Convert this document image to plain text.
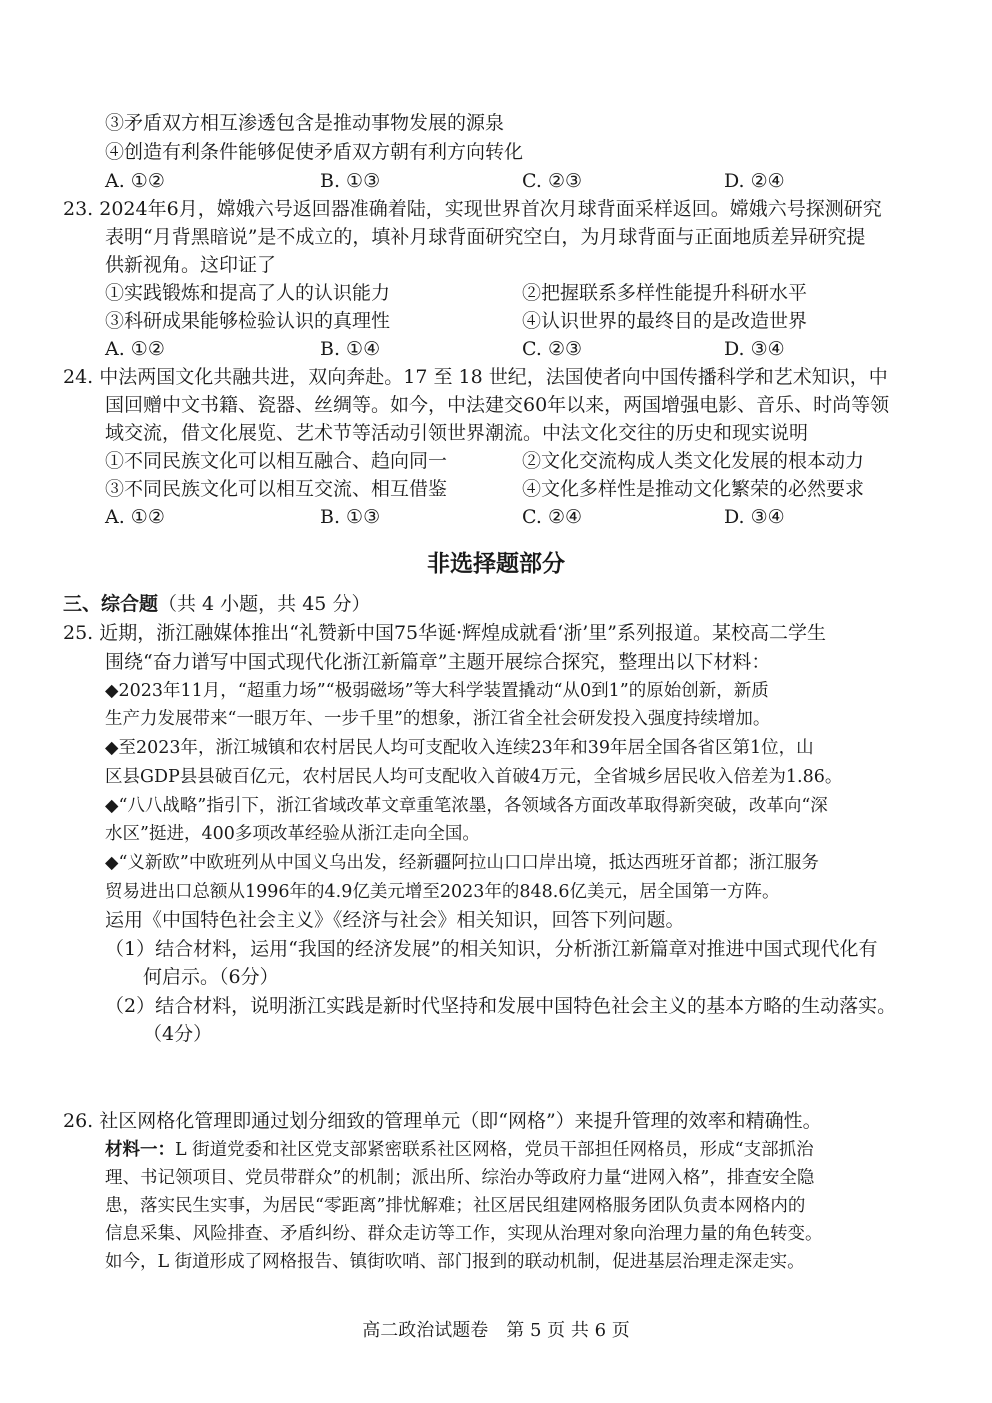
③矛盾双方相互渗透包含是推动事物发展的源泉
④创造有利条件能够促使矛盾双方朝有利方向转化
A. ①②	B. ①③	C. ②③	D. ②④
23. 2024年6月，嫦娥六号返回器准确着陆，实现世界首次月球背面采样返回。嫦娥六号探测研究
表明“月背黑暗说”是不成立的，填补月球背面研究空白，为月球背面与正面地质差异研究提
供新视角。这印证了
①实践锻炼和提高了人的认识能力	②把握联系多样性能提升科研水平
③科研成果能够检验认识的真理性	④认识世界的最终目的是改造世界
A. ①②	B. ①④	C. ②③	D. ③④
24. 中法两国文化共融共进，双向奔赴。17 至 18 世纪，法国使者向中国传播科学和艺术知识，中
国回赠中文书籍、瓷器、丝绸等。如今，中法建交60年以来，两国增强电影、音乐、时尚等领
域交流，借文化展览、艺术节等活动引领世界潮流。中法文化交往的历史和现实说明
①不同民族文化可以相互融合、趋向同一	②文化交流构成人类文化发展的根本动力
③不同民族文化可以相互交流、相互借鉴	④文化多样性是推动文化繁荣的必然要求
A. ①②	B. ①③	C. ②④	D. ③④
非选择题部分
三、综合题（共 4 小题，共 45 分）
25. 近期，浙江融媒体推出“礼赞新中国75华诞·辉煌成就看‘浙’里”系列报道。某校高二学生
围绕“奋力谱写中国式现代化浙江新篇章”主题开展综合探究，整理出以下材料：
◆2023年11月，“超重力场”“极弱磁场”等大科学装置撬动“从0到1”的原始创新，新质
生产力发展带来“一眼万年、一步千里”的想象，浙江省全社会研发投入强度持续增加。
◆至2023年，浙江城镇和农村居民人均可支配收入连续23年和39年居全国各省区第1位，山
区县GDP县县破百亿元，农村居民人均可支配收入首破4万元，全省城乡居民收入倍差为1.86。
◆“八八战略”指引下，浙江省域改革文章重笔浓墨，各领域各方面改革取得新突破，改革向“深
水区”挺进，400多项改革经验从浙江走向全国。
◆“义新欧”中欧班列从中国义乌出发，经新疆阿拉山口口岸出境，抵达西班牙首都；浙江服务
贸易进出口总额从1996年的4.9亿美元增至2023年的848.6亿美元，居全国第一方阵。
运用《中国特色社会主义》《经济与社会》相关知识，回答下列问题。
（1）结合材料，运用“我国的经济发展”的相关知识，分析浙江新篇章对推进中国式现代化有
何启示。（6分）
（2）结合材料，说明浙江实践是新时代坚持和发展中国特色社会主义的基本方略的生动落实。
（4分）
26. 社区网格化管理即通过划分细致的管理单元（即“网格”）来提升管理的效率和精确性。
材料一：L 街道党委和社区党支部紧密联系社区网格，党员干部担任网格员，形成“支部抓治
理、书记领项目、党员带群众”的机制；派出所、综治办等政府力量“进网入格”，排查安全隐
患，落实民生实事，为居民“零距离”排忧解难；社区居民组建网格服务团队负责本网格内的
信息采集、风险排查、矛盾纠纷、群众走访等工作，实现从治理对象向治理力量的角色转变。
如今，L 街道形成了网格报告、镇街吹哨、部门报到的联动机制，促进基层治理走深走实。
高二政治试题卷　第 5 页 共 6 页
